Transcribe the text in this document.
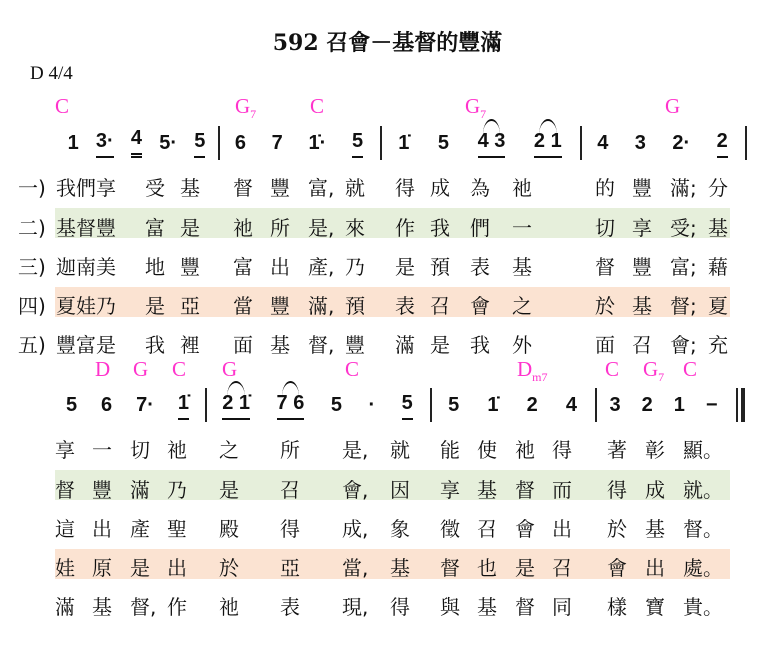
592 召會－基督的豐滿
D 4/4
C	$G_7$	C	$G_7$	G
1 3· 4 5· 5 6 7 1̇· 5 1̇ 5 4 3 2 1 4 3 2· 2
一) 我們享 受 基 督 豐 富, 就 得 成 為 祂	的 豐 滿; 分
二) 基督豐 富 是 祂 所 是, 來 作 我 們 一	切 享 受; 基
三) 迦南美 地 豐 富 出 產, 乃 是 預 表 基	督 豐 富; 藉
四) 夏娃乃 是 亞 當 豐 滿, 預 表 召 會 之	於 基 督; 夏
五) 豐富是 我 裡 面 基 督, 豐 滿 是 我 外	面 召 會; 充
D G C G	C	$D_{m7}$	C $G_7$ C
5 6 7· 1̇ 2 1̇ 7 6 5 · 5 5 1̇ 2 4 3 2 1 −
享 一 切 祂 之 所 是, 就 能 使 祂 得 著 彰 顯。
督 豐 滿 乃 是 召 會, 因 享 基 督 而 得 成 就。
這 出 產 聖 殿 得 成, 象 徵 召 會 出 於 基 督。
娃 原 是 出 於 亞 當, 基 督 也 是 召 會 出 處。
滿 基 督, 作 祂 表 現, 得 與 基 督 同 樣 寶 貴。
